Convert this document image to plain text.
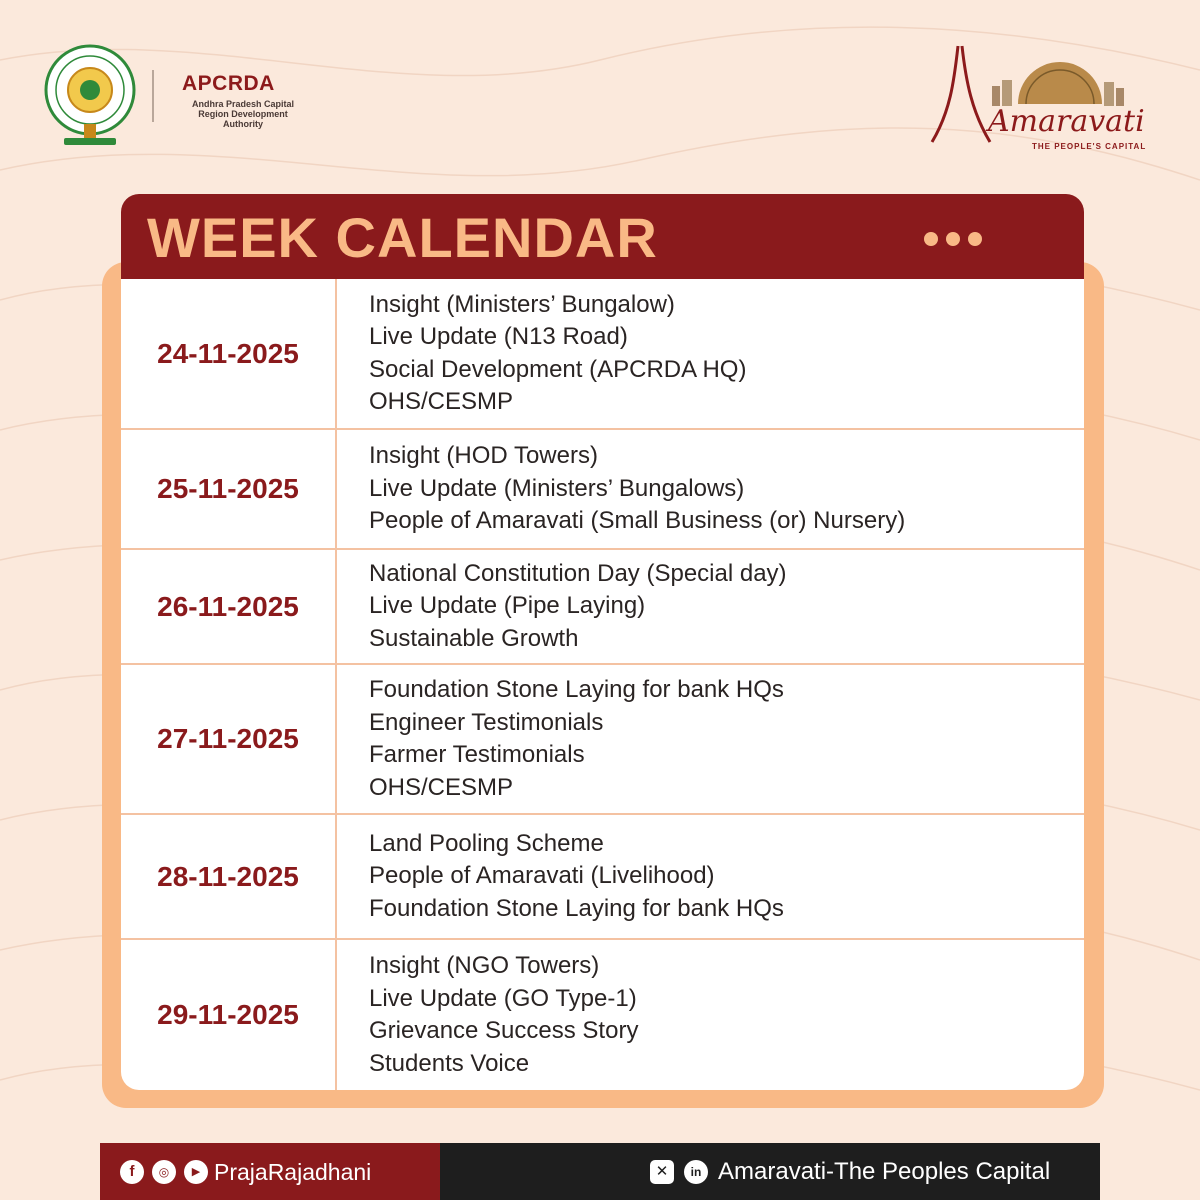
APCRDA
Andhra Pradesh Capital Region Development Authority	Amaravati
THE PEOPLE'S CAPITAL
WEEK CALENDAR
24-11-2025
Insight (Ministers’ Bungalow)
Live Update (N13 Road)
Social Development (APCRDA HQ)
OHS/CESMP
25-11-2025
Insight (HOD Towers)
Live Update (Ministers’ Bungalows)
People of Amaravati (Small Business (or) Nursery)
26-11-2025
National Constitution Day (Special day)
Live Update (Pipe Laying)
Sustainable Growth
27-11-2025
Foundation Stone Laying for bank HQs
Engineer Testimonials
Farmer Testimonials
OHS/CESMP
28-11-2025
Land Pooling Scheme
People of Amaravati (Livelihood)
Foundation Stone Laying for bank HQs
29-11-2025
Insight (NGO Towers)
Live Update (GO Type-1)
Grievance Success Story
Students Voice
f	◎	▶ PrajaRajadhani	✕	in Amaravati-The Peoples Capital
